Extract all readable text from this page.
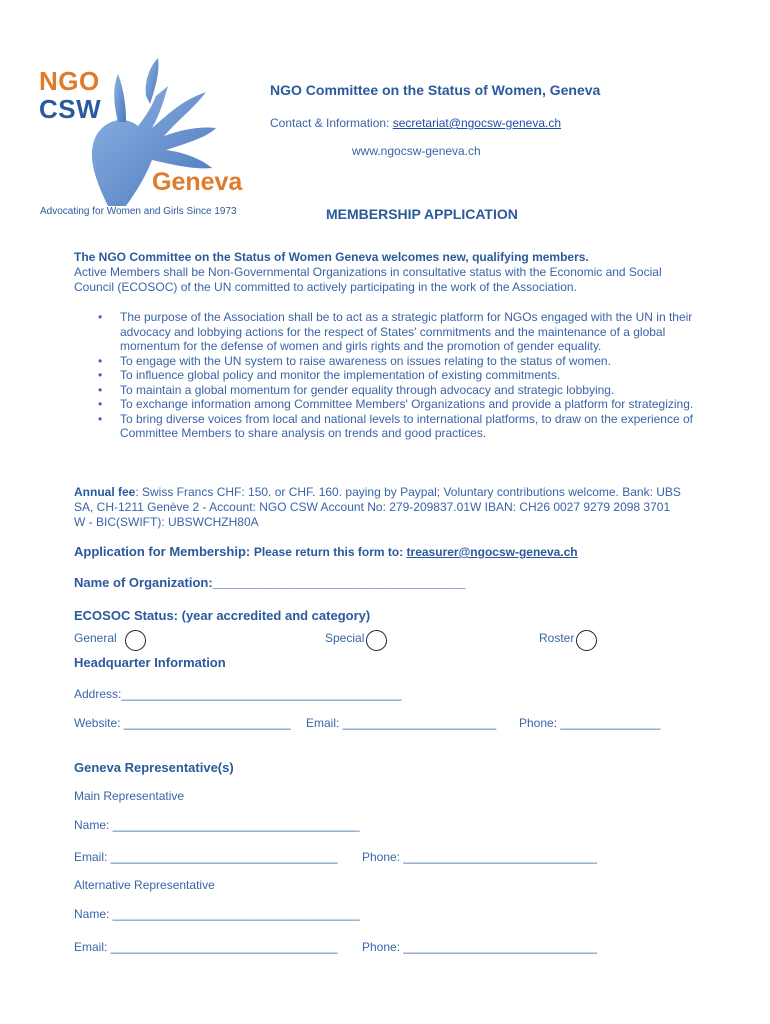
NGO
CSW
Geneva
Advocating for Women and Girls Since 1973
NGO Committee on the Status of Women, Geneva
Contact & Information: secretariat@ngocsw-geneva.ch
www.ngocsw-geneva.ch
MEMBERSHIP APPLICATION
The NGO Committee on the Status of Women Geneva welcomes new, qualifying members.
Active Members shall be Non-Governmental Organizations in consultative status with the Economic and Social Council (ECOSOC) of the UN committed to actively participating in the work of the Association.
• The purpose of the Association shall be to act as a strategic platform for NGOs engaged with the UN in their advocacy and lobbying actions for the respect of States' commitments and the maintenance of a global momentum for the defense of women and girls rights and the promotion of gender equality.
• To engage with the UN system to raise awareness on issues relating to the status of women.
• To influence global policy and monitor the implementation of existing commitments.
• To maintain a global momentum for gender equality through advocacy and strategic lobbying.
• To exchange information among Committee Members' Organizations and provide a platform for strategizing.
• To bring diverse voices from local and national levels to international platforms, to draw on the experience of Committee Members to share analysis on trends and good practices.
Annual fee: Swiss Francs CHF: 150. or CHF. 160. paying by Paypal; Voluntary contributions welcome. Bank: UBS SA, CH-1211 Genève 2 - Account: NGO CSW Account No: 279-209837.01W IBAN: CH26 0027 9279 2098 3701 W - BIC(SWIFT): UBSWCHZH80A
Application for Membership: Please return this form to: treasurer@ngocsw-geneva.ch
Name of Organization:___________________________________
ECOSOC Status: (year accredited and category)
General	Special	Roster
Headquarter Information
Address:__________________________________________
Website: _________________________ Email: _______________________ Phone: _______________
Geneva Representative(s)
Main Representative
Name: _____________________________________
Email: __________________________________ Phone: _____________________________
Alternative Representative
Name: _____________________________________
Email: __________________________________ Phone: _____________________________
